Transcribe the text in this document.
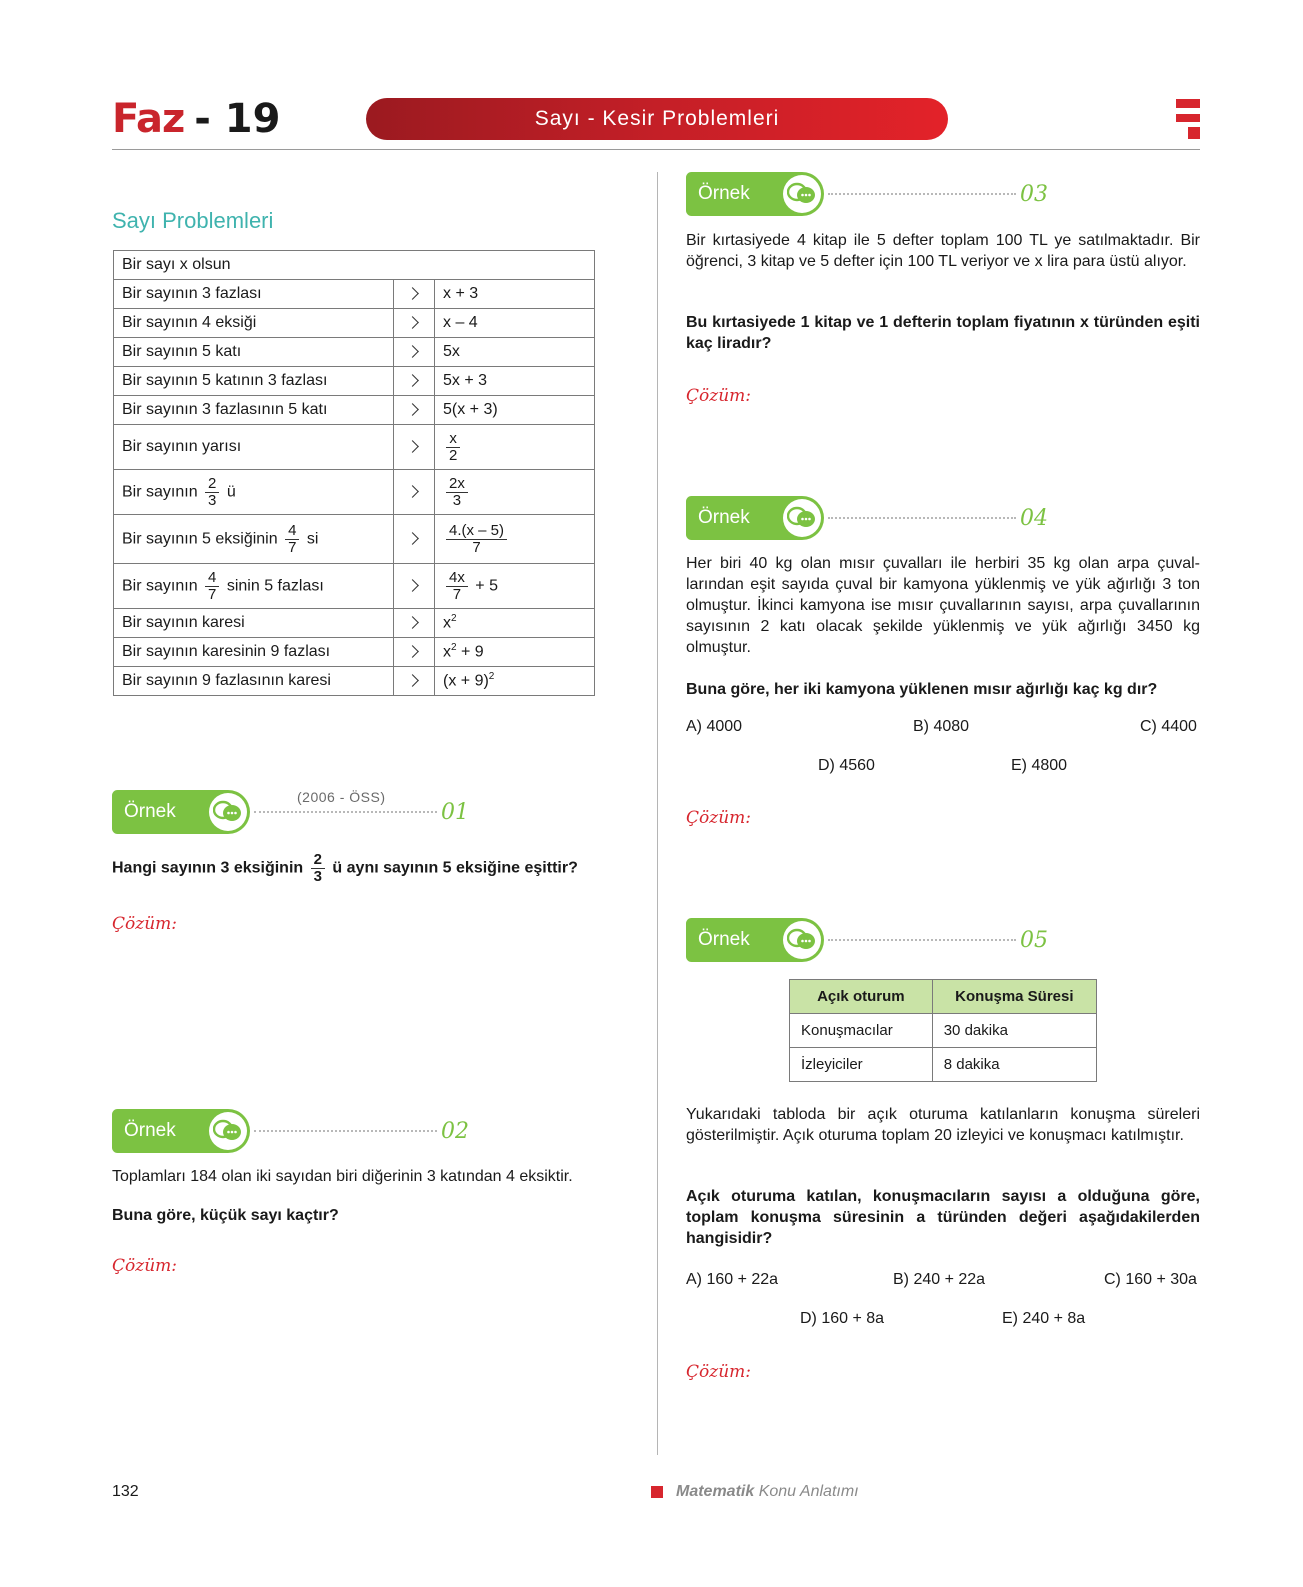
Faz - 19	Sayı - Kesir Problemleri
Sayı Problemleri
Bir sayı x olsun		
Bir sayının 3 fazlası		x + 3
Bir sayının 4 eksiği		x – 4
Bir sayının 5 katı		5x
Bir sayının 5 katının 3 fazlası		5x + 3
Bir sayının 3 fazlasının 5 katı		5(x + 3)
Bir sayının yarısı		$\frac{x}{2}$

Bir sayının $\frac{2}{3}$ ü		$\frac{2x}{3}$

Bir sayının 5 eksiğinin $\frac{4}{7}$ si		$\frac{4.(x - 5)}{7}$

Bir sayının $\frac{4}{7}$ sinin 5 fazlası		$\frac{4x}{7} + 5$
Bir sayının karesi		$x^2$
Bir sayının karesinin 9 fazlası		$x^2 + 9$
Bir sayının 9 fazlasının karesi		$(x + 9)^2$
(2006 - ÖSS)
Örnek	01
Hangi sayının 3 eksiğinin $\frac{2}{3}$ ü aynı sayının 5 eksiğine eşittir?
Çözüm:
Örnek	02
Toplamları 184 olan iki sayıdan biri diğerinin 3 katından 4 eksiktir.
Buna göre, küçük sayı kaçtır?
Çözüm:
Örnek	03
Bir kırtasiyede 4 kitap ile 5 defter toplam 100 TL ye satılmaktadır. Bir öğrenci, 3 kitap ve 5 defter için 100 TL veriyor ve x lira para üstü alıyor.
Bu kırtasiyede 1 kitap ve 1 defterin toplam fiyatının x türünden eşiti kaç liradır?
Çözüm:
Örnek	04
Her biri 40 kg olan mısır çuvalları ile herbiri 35 kg olan arpa çuvallarından eşit sayıda çuval bir kamyona yüklenmiş ve yük ağırlığı 3 ton olmuştur. İkinci kamyona ise mısır çuvallarının sayısı, arpa çuvallarının sayısının 2 katı olacak şekilde yüklenmiş ve yük ağırlığı 3450 kg olmuştur.
Buna göre, her iki kamyona yüklenen mısır ağırlığı kaç kg dır?
A) 4000	B) 4080	C) 4400
D) 4560	E) 4800
Çözüm:
Örnek	05
Açık oturum	Konuşma Süresi
Konuşmacılar	30 dakika
İzleyiciler	8 dakika
Yukarıdaki tabloda bir açık oturuma katılanların konuşma süreleri gösterilmiştir. Açık oturuma toplam 20 izleyici ve konuşmacı katılmıştır.
Açık oturuma katılan, konuşmacıların sayısı a olduğuna göre, toplam konuşma süresinin a türünden değeri aşağıdakilerden hangisidir?
A) 160 + 22a	B) 240 + 22a	C) 160 + 30a
D) 160 + 8a	E) 240 + 8a
Çözüm:
132	Matematik Konu Anlatımı
